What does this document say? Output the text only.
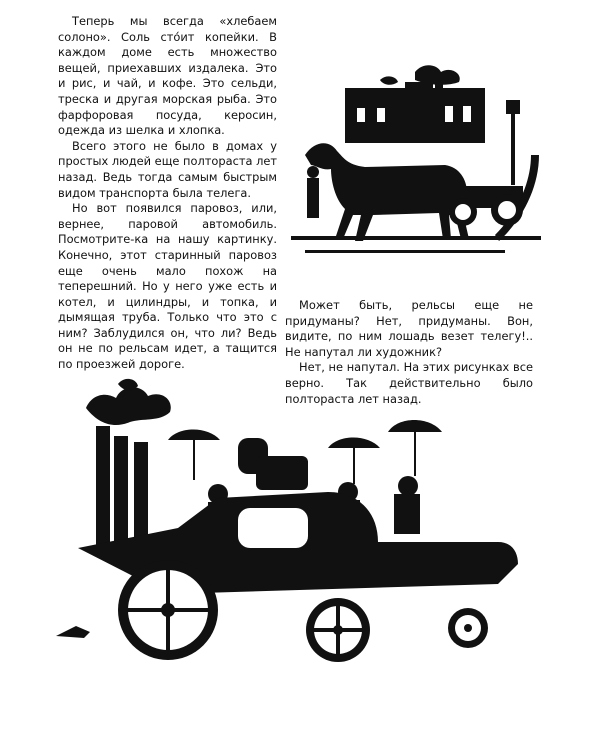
Теперь мы всегда «хлебаем солоно». Соль сто́ит копейки. В каждом доме есть множество вещей, приехавших издалека. Это и рис, и чай, и кофе. Это сельди, треска и другая морская рыба. Это фарфоровая посуда, керосин, одежда из шелка и хлопка.

Всего этого не было в домах у простых людей еще полтораста лет назад. Ведь тогда самым быстрым видом транспорта была телега.

Но вот появился паровоз, или, вернее, паровой автомобиль. Посмотрите-ка на нашу картинку. Конечно, этот старинный паровоз еще очень мало похож на теперешний. Но у него уже есть и котел, и цилиндры, и топка, и дымящая труба. Только что это с ним? Заблудился он, что ли? Ведь он не по рельсам идет, а тащится по проезжей дороге.

Может быть, рельсы еще не придуманы? Нет, придуманы. Вон, видите, по ним лошадь везет телегу!.. Не напутал ли художник?

Нет, не напутал. На этих рисунках все верно. Так действительно было полтораста лет назад.
